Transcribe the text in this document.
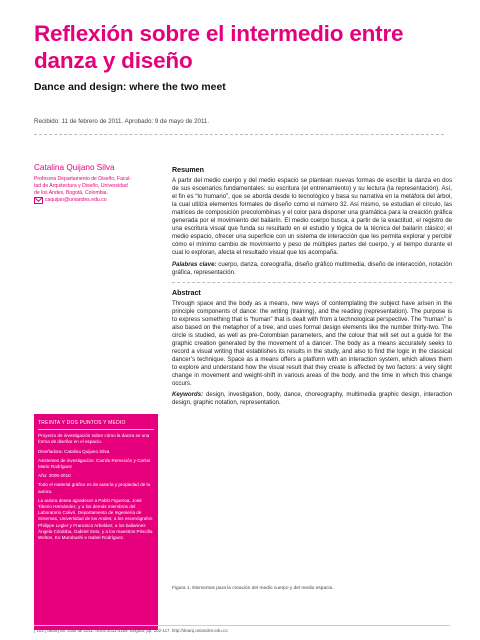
Reflexión sobre el intermedio entre danza y diseño
Dance and design: where the two meet
Recibido: 11 de febrero de 2011. Aprobado: 9 de mayo de 2011.
Catalina Quijano Silva

Profesora Departamento de Diseño, Facul-

tad de Arquitectura y Diseño, Universidad

de los Andes, Bogotá, Colombia.

caquijan@uniandes.edu.co

TREINTA Y DOS PUNTOS Y MEDIO

Proyecto de investigación sobre cómo la danza se una forma de diseñar en el espacio.

Diseñadora: Catalina Quijano Silva

Asistentes de investigación: Camilo Remeción y Carlos Mario Rodríguez

Año: 2009-2010

Todo el material gráfico es de autoría y propiedad de la autora.

La autora desea agradecer a Pablo Figueroa, José Tiberio Hernández, y a los demás miembros del Laboratorio Colivri, Departamento de Ingeniería de Sistemas, Universidad de los Andes; a los escenógrafos Philippe Legler y Francisco Arbeláez; a los bailarines Ángela Córdoba, Gabriel Soto, y a los maestros Priscilla Welton, Ko Murobushi e Isabel Rodríguez.

Resumen

A partir del medio cuerpo y del medio espacio se plantean nuevas formas de escribir la danza en dos de sus escenarios fundamentales: su escritura (el entrenamiento) y su lectura (la representación). Así, el fin es “lo humano”, que se aborda desde lo tecnológico y basa su narrativa en la metáfora del árbol, la cual utiliza elementos formales de diseño como el número 32. Así mismo, se estudian el círculo, las matrices de composición precolombinas y el color para disponer una gramática para la creación gráfica generada por el movimiento del bailarín. El medio cuerpo busca, a partir de la exactitud, el registro de una escritura visual que funda su resultado en el estudio y lógica de la técnica del bailarín clásico; el medio espacio, ofrecer una superficie con un sistema de interacción que les permita explorar y percibir cómo el mínimo cambio de movimiento y peso de múltiples partes del cuerpo, y el tiempo durante el cual lo exploran, afecta el resultado visual que los acompaña.

Palabras clave: cuerpo, danza, coreografía, diseño gráfico multimedia, diseño de interacción, notación gráfica, representación.

Abstract

Through space and the body as a means, new ways of contemplating the subject have arisen in the principle components of dance: the writing (training), and the reading (representation). The purpose is to express something that is “human” that is dealt with from a technological perspective. The “human” is also based on the metaphor of a tree, and uses formal design elements like the number thirty-two. The circle is studied, as well as pre-Colombian parameters, and the colour that will set out a guide for the graphic creation generated by the movement of a dancer. The body as a means accurately seeks to record a visual writing that establishes its results in the study, and also to find the logic in the classical dancer’s technique. Space as a means offers a platform with an interaction system, which allows them to explore and understand how the visual result that they create is affected by two factors: a very slight change in movement and weight-shift in various areas of the body, and the time in which this change occurs.

Keywords: design, investigation, body, dance, choreography, multimedia graphic design, interaction design, graphic notation, representation.

Figura 1. Elementos para la creación del medio cuerpo y del medio espacio.
[ 102 ] dearq 08. Julio de 2011. ISSN 2011-3188. Bogotá, pp. 102-117. http://dearq.uniandes.edu.co
